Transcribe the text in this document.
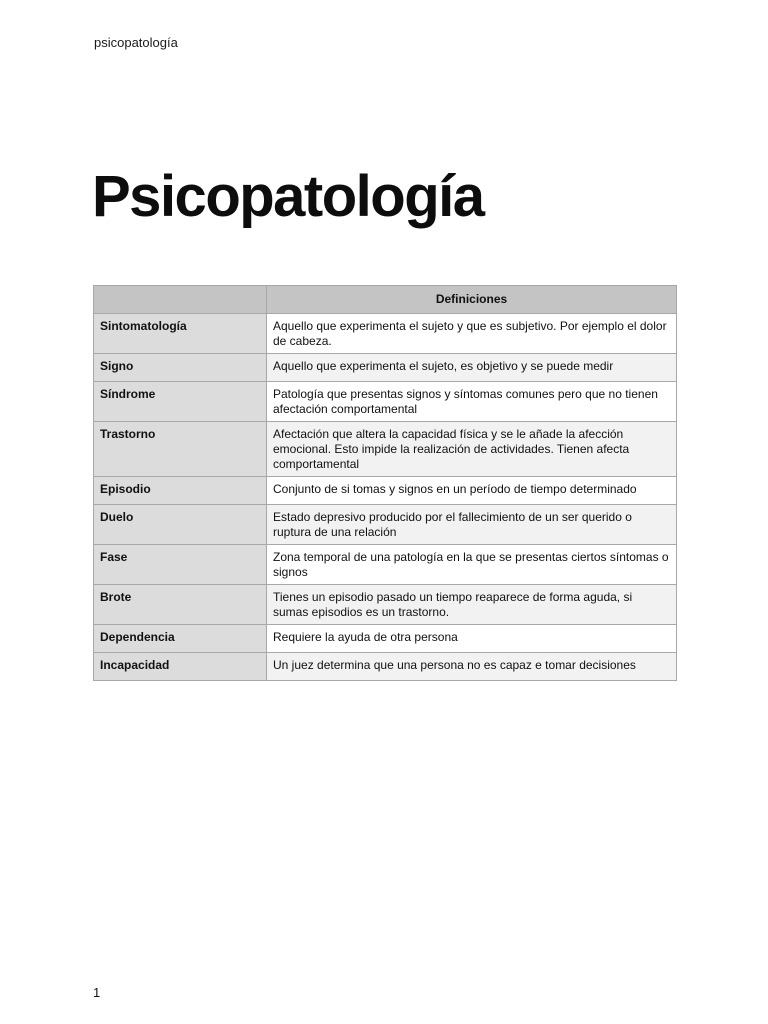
psicopatología
Psicopatología
	Definiciones
Sintomatología	Aquello que experimenta el sujeto y que es subjetivo. Por ejemplo el dolor de cabeza.
Signo	Aquello que experimenta el sujeto, es objetivo y se puede medir
Síndrome	Patología que presentas signos y síntomas comunes pero que no tienen afectación comportamental
Trastorno	Afectación que altera la capacidad física y se le añade la afección emocional. Esto impide la realización de actividades. Tienen afecta comportamental
Episodio	Conjunto de si tomas y signos en un período de tiempo determinado
Duelo	Estado depresivo producido por el fallecimiento de un ser querido o ruptura de una relación
Fase	Zona temporal de una patología en la que se presentas ciertos síntomas o signos
Brote	Tienes un episodio pasado un tiempo reaparece de forma aguda, si sumas episodios es un trastorno.
Dependencia	Requiere la ayuda de otra persona
Incapacidad	Un juez determina que una persona no es capaz e tomar decisiones
1
